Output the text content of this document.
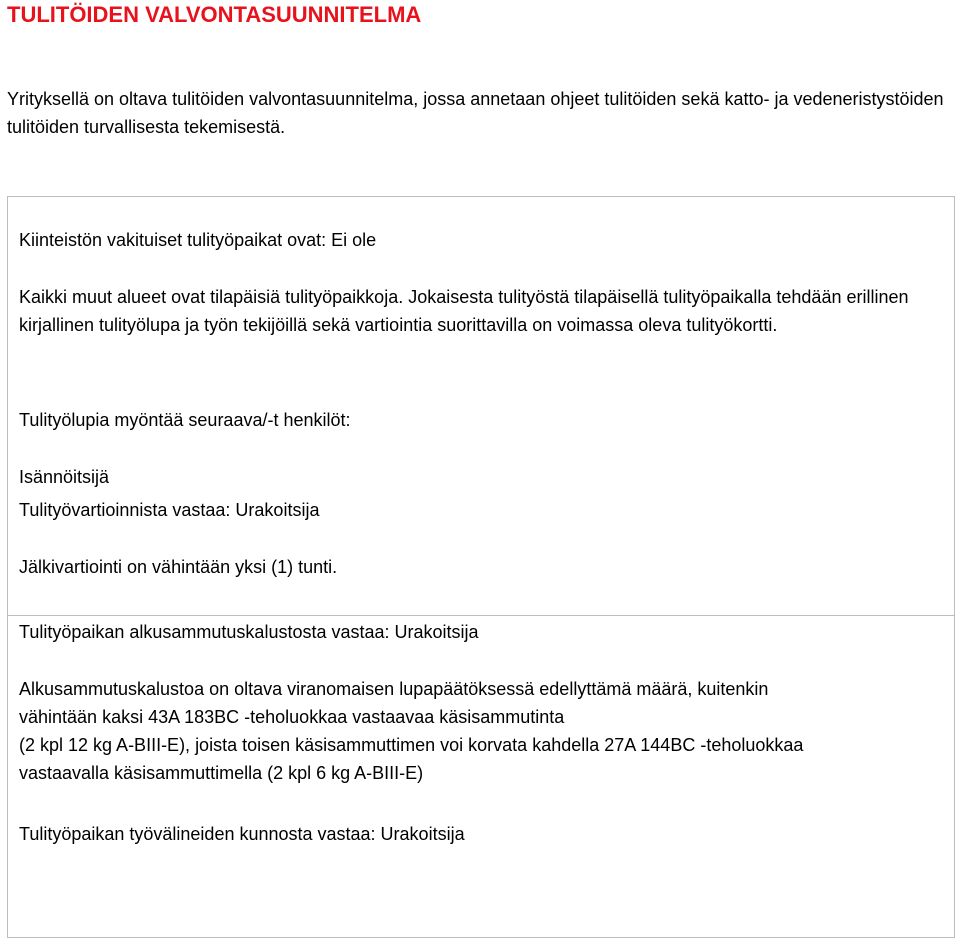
TULITÖIDEN VALVONTASUUNNITELMA

Yrityksellä on oltava tulitöiden valvontasuunnitelma, jossa annetaan ohjeet tulitöiden sekä katto- ja vedeneristystöiden tulitöiden turvallisesta tekemisestä.

Kiinteistön vakituiset tulityöpaikat ovat: Ei ole

Kaikki muut alueet ovat tilapäisiä tulityöpaikkoja. Jokaisesta tulityöstä tilapäisellä tulityöpaikalla tehdään erillinen kirjallinen tulityölupa ja työn tekijöillä sekä vartiointia suorittavilla on voimassa oleva tulityökortti.

Tulityölupia myöntää seuraava/-t henkilöt:

Isännöitsijä

Tulityövartioinnista vastaa: Urakoitsija

Jälkivartiointi on vähintään yksi (1) tunti.

Tulityöpaikan alkusammutuskalustosta vastaa: Urakoitsija

Alkusammutuskalustoa on oltava viranomaisen lupapäätöksessä edellyttämä määrä, kuitenkin

vähintään kaksi 43A 183BC -teholuokkaa vastaavaa käsisammutinta

(2 kpl 12 kg A-BIII-E), joista toisen käsisammuttimen voi korvata kahdella 27A 144BC -teholuokkaa

vastaavalla käsisammuttimella (2 kpl 6 kg A-BIII-E)

Tulityöpaikan työvälineiden kunnosta vastaa: Urakoitsija
